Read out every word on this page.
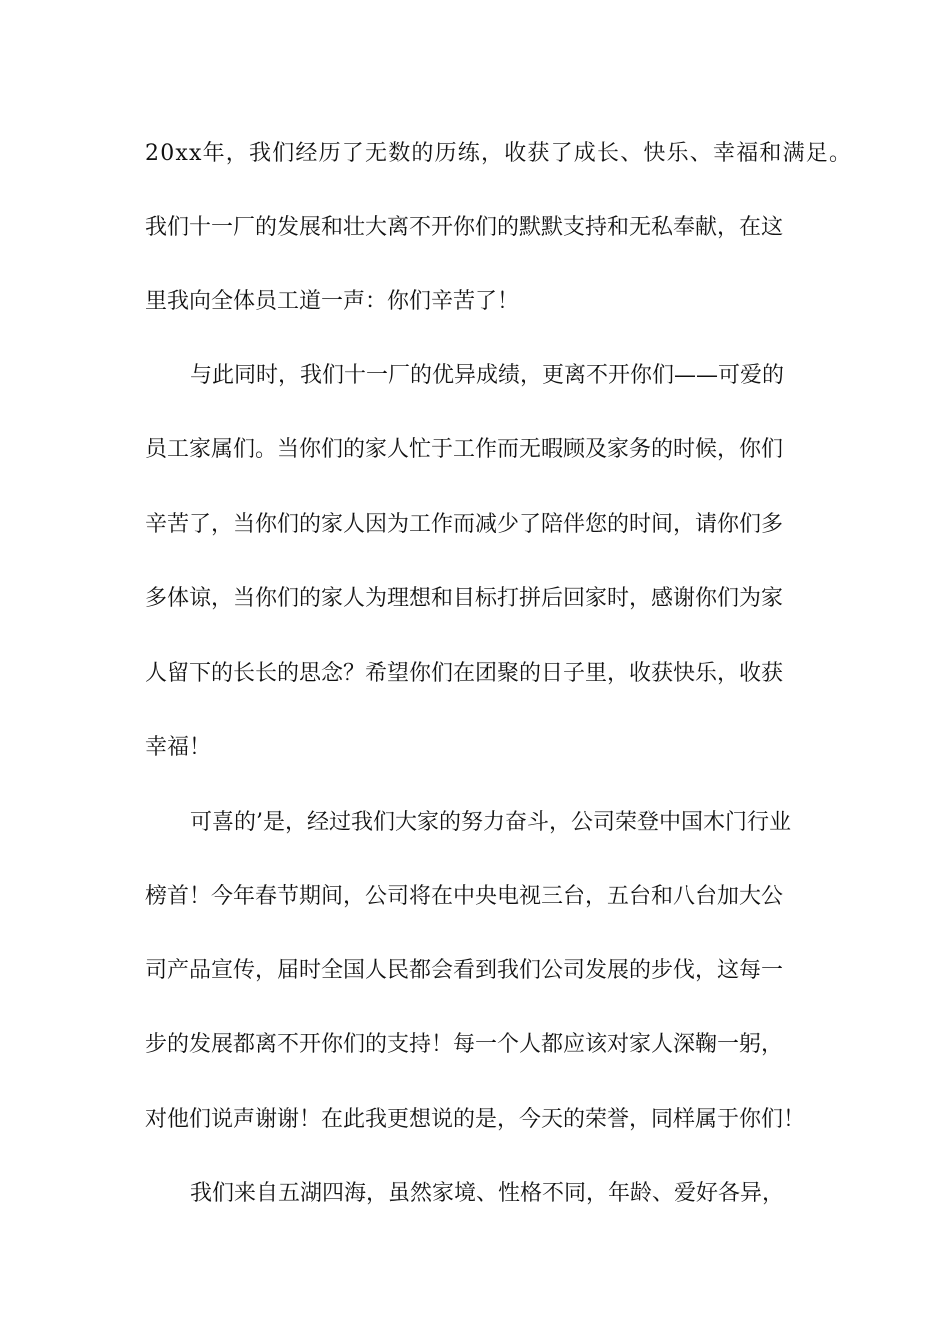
20xx年，我们经历了无数的历练，收获了成长、快乐、幸福和满足。
我们十一厂的发展和壮大离不开你们的默默支持和无私奉献，在这
里我向全体员工道一声：你们辛苦了！
与此同时，我们十一厂的优异成绩，更离不开你们——可爱的
员工家属们。当你们的家人忙于工作而无暇顾及家务的时候，你们
辛苦了，当你们的家人因为工作而减少了陪伴您的时间，请你们多
多体谅，当你们的家人为理想和目标打拼后回家时，感谢你们为家
人留下的长长的思念？希望你们在团聚的日子里，收获快乐，收获
幸福！
可喜的’是，经过我们大家的努力奋斗，公司荣登中国木门行业
榜首！今年春节期间，公司将在中央电视三台，五台和八台加大公
司产品宣传，届时全国人民都会看到我们公司发展的步伐，这每一
步的发展都离不开你们的支持！每一个人都应该对家人深鞠一躬，
对他们说声谢谢！在此我更想说的是，今天的荣誉，同样属于你们！
我们来自五湖四海，虽然家境、性格不同，年龄、爱好各异，
